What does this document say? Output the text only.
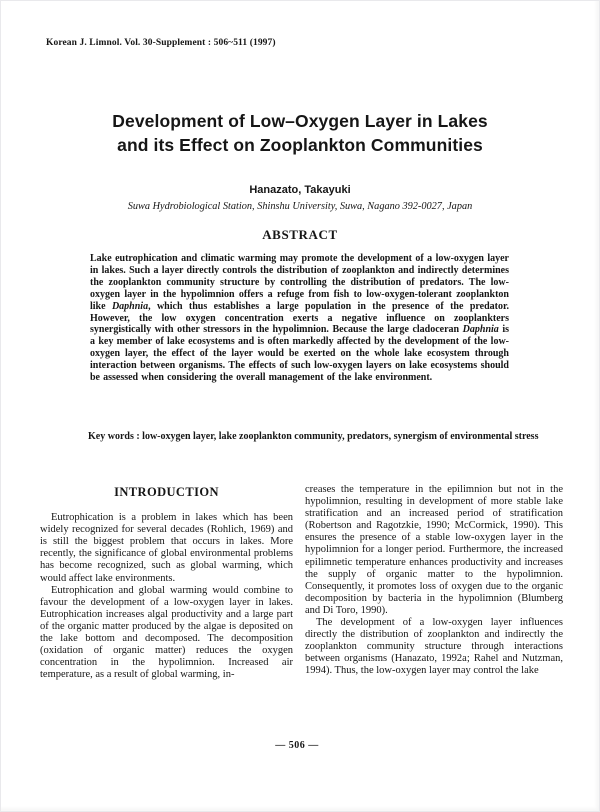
Korean J. Limnol. Vol. 30-Supplement : 506~511 (1997)
Development of Low–Oxygen Layer in Lakes
and its Effect on Zooplankton Communities
Hanazato, Takayuki
Suwa Hydrobiological Station, Shinshu University, Suwa, Nagano 392-0027, Japan
ABSTRACT
Lake eutrophication and climatic warming may promote the development of a low-oxygen layer in lakes. Such a layer directly controls the distribution of zooplankton and indirectly determines the zooplankton community structure by controlling the distribution of predators. The low-oxygen layer in the hypolimnion offers a refuge from fish to low-oxygen-tolerant zooplankton like Daphnia, which thus establishes a large population in the presence of the predator. However, the low oxygen concentration exerts a negative influence on zooplankters synergistically with other stressors in the hypolimnion. Because the large cladoceran Daphnia is a key member of lake ecosystems and is often markedly affected by the development of the low-oxygen layer, the effect of the layer would be exerted on the whole lake ecosystem through interaction between organisms. The effects of such low-oxygen layers on lake ecosystems should be assessed when considering the overall management of the lake environment.
Key words : low-oxygen layer, lake zooplankton community, predators, synergism of environmental stress
INTRODUCTION

Eutrophication is a problem in lakes which has been widely recognized for several decades (Rohlich, 1969) and is still the biggest problem that occurs in lakes. More recently, the significance of global environmental problems has become recognized, such as global warming, which would affect lake environments.

Eutrophication and global warming would combine to favour the development of a low-oxygen layer in lakes. Eutrophication increases algal productivity and a large part of the organic matter produced by the algae is deposited on the lake bottom and decomposed. The decomposition (oxidation of organic matter) reduces the oxygen concentration in the hypolimnion. Increased air temperature, as a result of global warming, in-

creases the temperature in the epilimnion but not in the hypolimnion, resulting in development of more stable lake stratification and an increased period of stratification (Robertson and Ragotzkie, 1990; McCormick, 1990). This ensures the presence of a stable low-oxygen layer in the hypolimnion for a longer period. Furthermore, the increased epilimnetic temperature enhances productivity and increases the supply of organic matter to the hypolimnion. Consequently, it promotes loss of oxygen due to the organic decomposition by bacteria in the hypolimnion (Blumberg and Di Toro, 1990).

The development of a low-oxygen layer influences directly the distribution of zooplankton and indirectly the zooplankton community structure through interactions between organisms (Hanazato, 1992a; Rahel and Nutzman, 1994). Thus, the low-oxygen layer may control the lake

— 506 —
